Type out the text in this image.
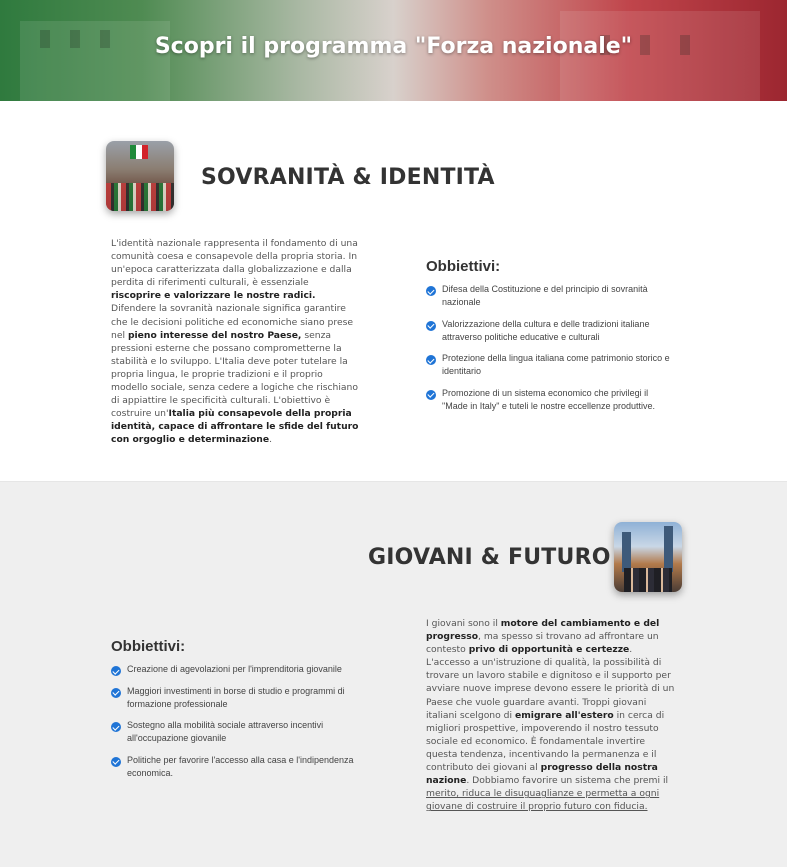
Scopri il programma "Forza nazionale"
SOVRANITÀ & IDENTITÀ
L'identità nazionale rappresenta il fondamento di una comunità coesa e consapevole della propria storia. In un'epoca caratterizzata dalla globalizzazione e dalla perdita di riferimenti culturali, è essenziale riscoprire e valorizzare le nostre radici. Difendere la sovranità nazionale significa garantire che le decisioni politiche ed economiche siano prese nel pieno interesse del nostro Paese, senza pressioni esterne che possano comprometterne la stabilità e lo sviluppo. L'Italia deve poter tutelare la propria lingua, le proprie tradizioni e il proprio modello sociale, senza cedere a logiche che rischiano di appiattire le specificità culturali. L'obiettivo è costruire un'Italia più consapevole della propria identità, capace di affrontare le sfide del futuro con orgoglio e determinazione.
Obbiettivi:
Difesa della Costituzione e del principio di sovranità nazionale
Valorizzazione della cultura e delle tradizioni italiane attraverso politiche educative e culturali
Protezione della lingua italiana come patrimonio storico e identitario
Promozione di un sistema economico che privilegi il "Made in Italy" e tuteli le nostre eccellenze produttive.
GIOVANI & FUTURO
Obbiettivi:
Creazione di agevolazioni per l'imprenditoria giovanile
Maggiori investimenti in borse di studio e programmi di formazione professionale
Sostegno alla mobilità sociale attraverso incentivi all'occupazione giovanile
Politiche per favorire l'accesso alla casa e l'indipendenza economica.
I giovani sono il motore del cambiamento e del progresso, ma spesso si trovano ad affrontare un contesto privo di opportunità e certezze. L'accesso a un'istruzione di qualità, la possibilità di trovare un lavoro stabile e dignitoso e il supporto per avviare nuove imprese devono essere le priorità di un Paese che vuole guardare avanti. Troppi giovani italiani scelgono di emigrare all'estero in cerca di migliori prospettive, impoverendo il nostro tessuto sociale ed economico. È fondamentale invertire questa tendenza, incentivando la permanenza e il contributo dei giovani al progresso della nostra nazione. Dobbiamo favorire un sistema che premi il merito, riduca le disuguaglianze e permetta a ogni giovane di costruire il proprio futuro con fiducia.
